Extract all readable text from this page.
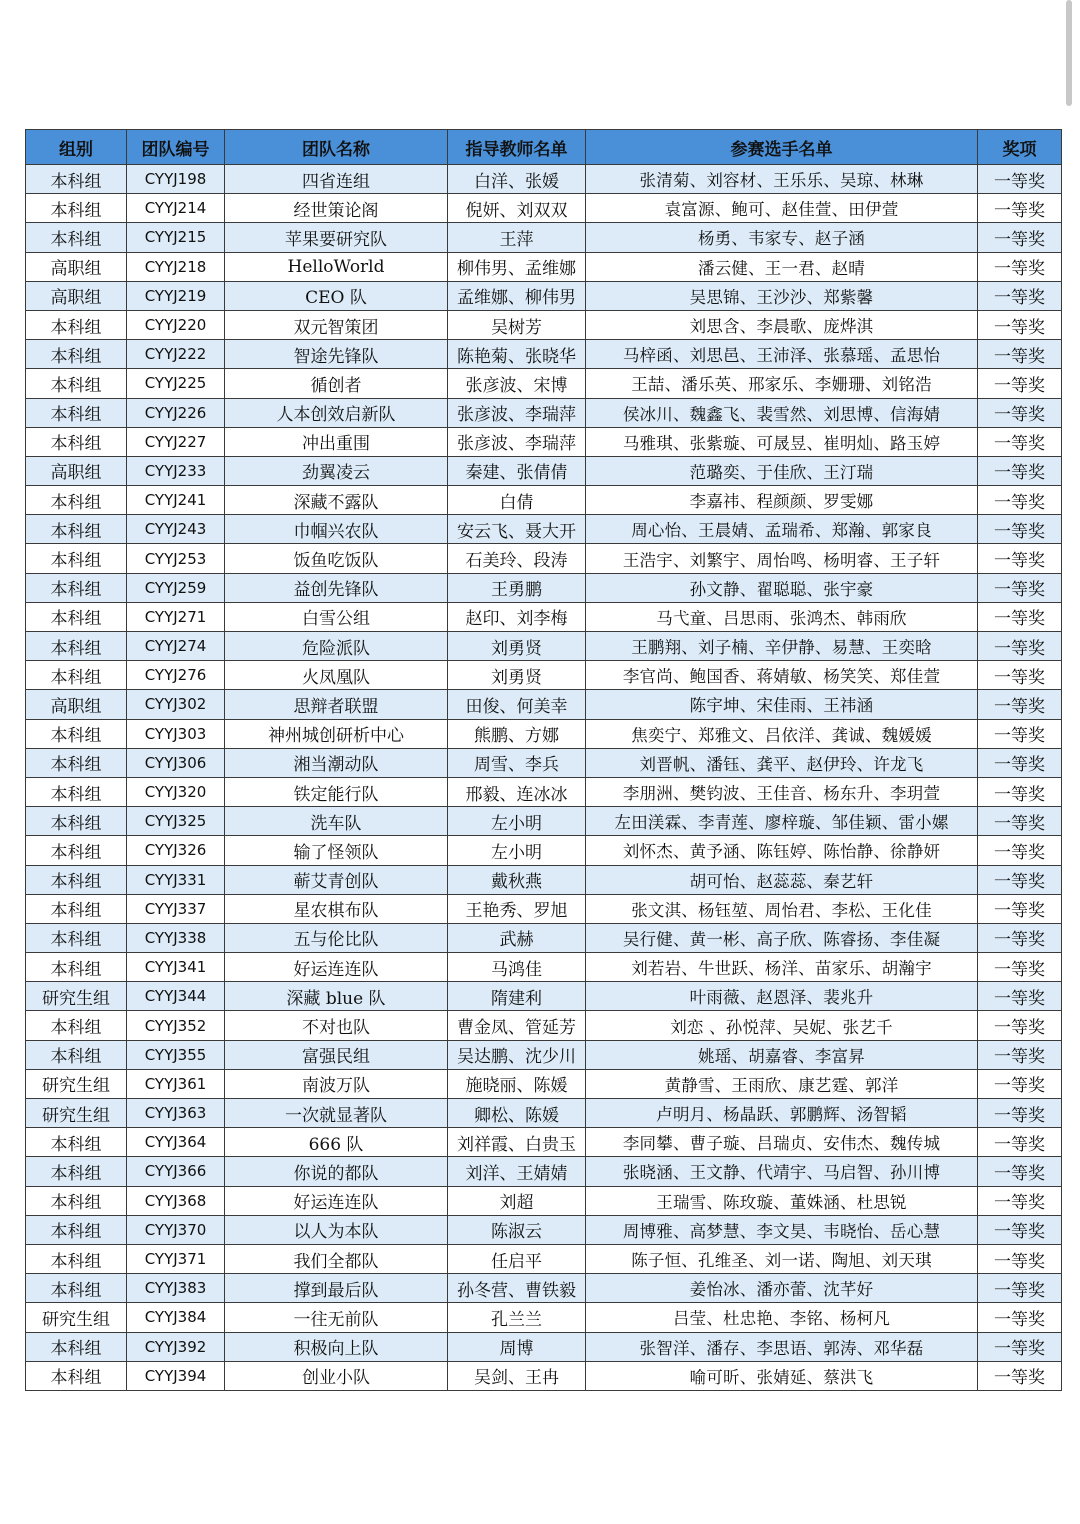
组别	团队编号	团队名称	指导教师名单	参赛选手名单	奖项
本科组	CYYJ198	四省连组	白洋、张媛	张清菊、刘容材、王乐乐、吴琼、林琳	一等奖
本科组	CYYJ214	经世策论阁	倪妍、刘双双	袁富源、鲍可、赵佳萱、田伊萱	一等奖
本科组	CYYJ215	苹果要研究队	王萍	杨勇、韦家专、赵子涵	一等奖
高职组	CYYJ218	HelloWorld	柳伟男、孟维娜	潘云健、王一君、赵晴	一等奖
高职组	CYYJ219	CEO 队	孟维娜、柳伟男	吴思锦、王沙沙、郑紫馨	一等奖
本科组	CYYJ220	双元智策团	吴树芳	刘思含、李晨歌、庞烨淇	一等奖
本科组	CYYJ222	智途先锋队	陈艳菊、张晓华	马梓函、刘思邑、王沛泽、张慕瑶、孟思怡	一等奖
本科组	CYYJ225	循创者	张彦波、宋博	王喆、潘乐英、邢家乐、李姗珊、刘铭浩	一等奖
本科组	CYYJ226	人本创效启新队	张彦波、李瑞萍	侯冰川、魏鑫飞、裴雪然、刘思博、信海婧	一等奖
本科组	CYYJ227	冲出重围	张彦波、李瑞萍	马雅琪、张紫璇、可晟昱、崔明灿、路玉婷	一等奖
高职组	CYYJ233	劲翼凌云	秦建、张倩倩	范璐奕、于佳欣、王汀瑞	一等奖
本科组	CYYJ241	深藏不露队	白倩	李嘉祎、程颜颜、罗雯娜	一等奖
本科组	CYYJ243	巾帼兴农队	安云飞、聂大开	周心怡、王晨婧、孟瑞希、郑瀚、郭家良	一等奖
本科组	CYYJ253	饭鱼吃饭队	石美玲、段涛	王浩宇、刘繁宇、周怡鸣、杨明睿、王子轩	一等奖
本科组	CYYJ259	益创先锋队	王勇鹏	孙文静、翟聪聪、张宇豪	一等奖
本科组	CYYJ271	白雪公组	赵印、刘李梅	马弋童、吕思雨、张鸿杰、韩雨欣	一等奖
本科组	CYYJ274	危险派队	刘勇贤	王鹏翔、刘子楠、辛伊静、易慧、王奕晗	一等奖
本科组	CYYJ276	火凤凰队	刘勇贤	李官尚、鲍国香、蒋婧敏、杨笑笑、郑佳萱	一等奖
高职组	CYYJ302	思辩者联盟	田俊、何美幸	陈宇坤、宋佳雨、王祎涵	一等奖
本科组	CYYJ303	神州城创研析中心	熊鹏、方娜	焦奕宁、郑雅文、吕依洋、龚诚、魏媛媛	一等奖
本科组	CYYJ306	湘当潮动队	周雪、李兵	刘晋帆、潘钰、龚平、赵伊玲、许龙飞	一等奖
本科组	CYYJ320	铁定能行队	邢毅、连冰冰	李朋洲、樊钧波、王佳音、杨东升、李玥萱	一等奖
本科组	CYYJ325	洗车队	左小明	左田渼霖、李青莲、廖梓璇、邹佳颖、雷小嫘	一等奖
本科组	CYYJ326	输了怪领队	左小明	刘怀杰、黄予涵、陈钰婷、陈怡静、徐静妍	一等奖
本科组	CYYJ331	蕲艾青创队	戴秋燕	胡可怡、赵蕊蕊、秦艺轩	一等奖
本科组	CYYJ337	星农棋布队	王艳秀、罗旭	张文淇、杨钰堃、周怡君、李松、王化佳	一等奖
本科组	CYYJ338	五与伦比队	武赫	吴行健、黄一彬、高子欣、陈睿扬、李佳凝	一等奖
本科组	CYYJ341	好运连连队	马鸿佳	刘若岩、牛世跃、杨洋、苗家乐、胡瀚宇	一等奖
研究生组	CYYJ344	深藏 blue 队	隋建利	叶雨薇、赵恩泽、裴兆升	一等奖
本科组	CYYJ352	不对也队	曹金凤、管延芳	刘恋 、孙悦萍、吴妮、张艺千	一等奖
本科组	CYYJ355	富强民组	吴达鹏、沈少川	姚瑶、胡嘉睿、李富昇	一等奖
研究生组	CYYJ361	南波万队	施晓丽、陈媛	黄静雪、王雨欣、康艺霆、郭洋	一等奖
研究生组	CYYJ363	一次就显著队	卿松、陈媛	卢明月、杨晶跃、郭鹏辉、汤智韬	一等奖
本科组	CYYJ364	666 队	刘祥霞、白贵玉	李同攀、曹子璇、吕瑞贞、安伟杰、魏传城	一等奖
本科组	CYYJ366	你说的都队	刘洋、王婧婧	张晓涵、王文静、代靖宇、马启智、孙川博	一等奖
本科组	CYYJ368	好运连连队	刘超	王瑞雪、陈玫璇、董姝涵、杜思锐	一等奖
本科组	CYYJ370	以人为本队	陈淑云	周博雅、高梦慧、李文昊、韦晓怡、岳心慧	一等奖
本科组	CYYJ371	我们全都队	任启平	陈子恒、孔维圣、刘一诺、陶旭、刘天琪	一等奖
本科组	CYYJ383	撑到最后队	孙冬营、曹铁毅	姜怡冰、潘亦蕾、沈芊好	一等奖
研究生组	CYYJ384	一往无前队	孔兰兰	吕莹、杜忠艳、李铭、杨柯凡	一等奖
本科组	CYYJ392	积极向上队	周博	张智洋、潘存、李思语、郭涛、邓华磊	一等奖
本科组	CYYJ394	创业小队	吴剑、王冉	喻可昕、张婧延、蔡洪飞	一等奖
